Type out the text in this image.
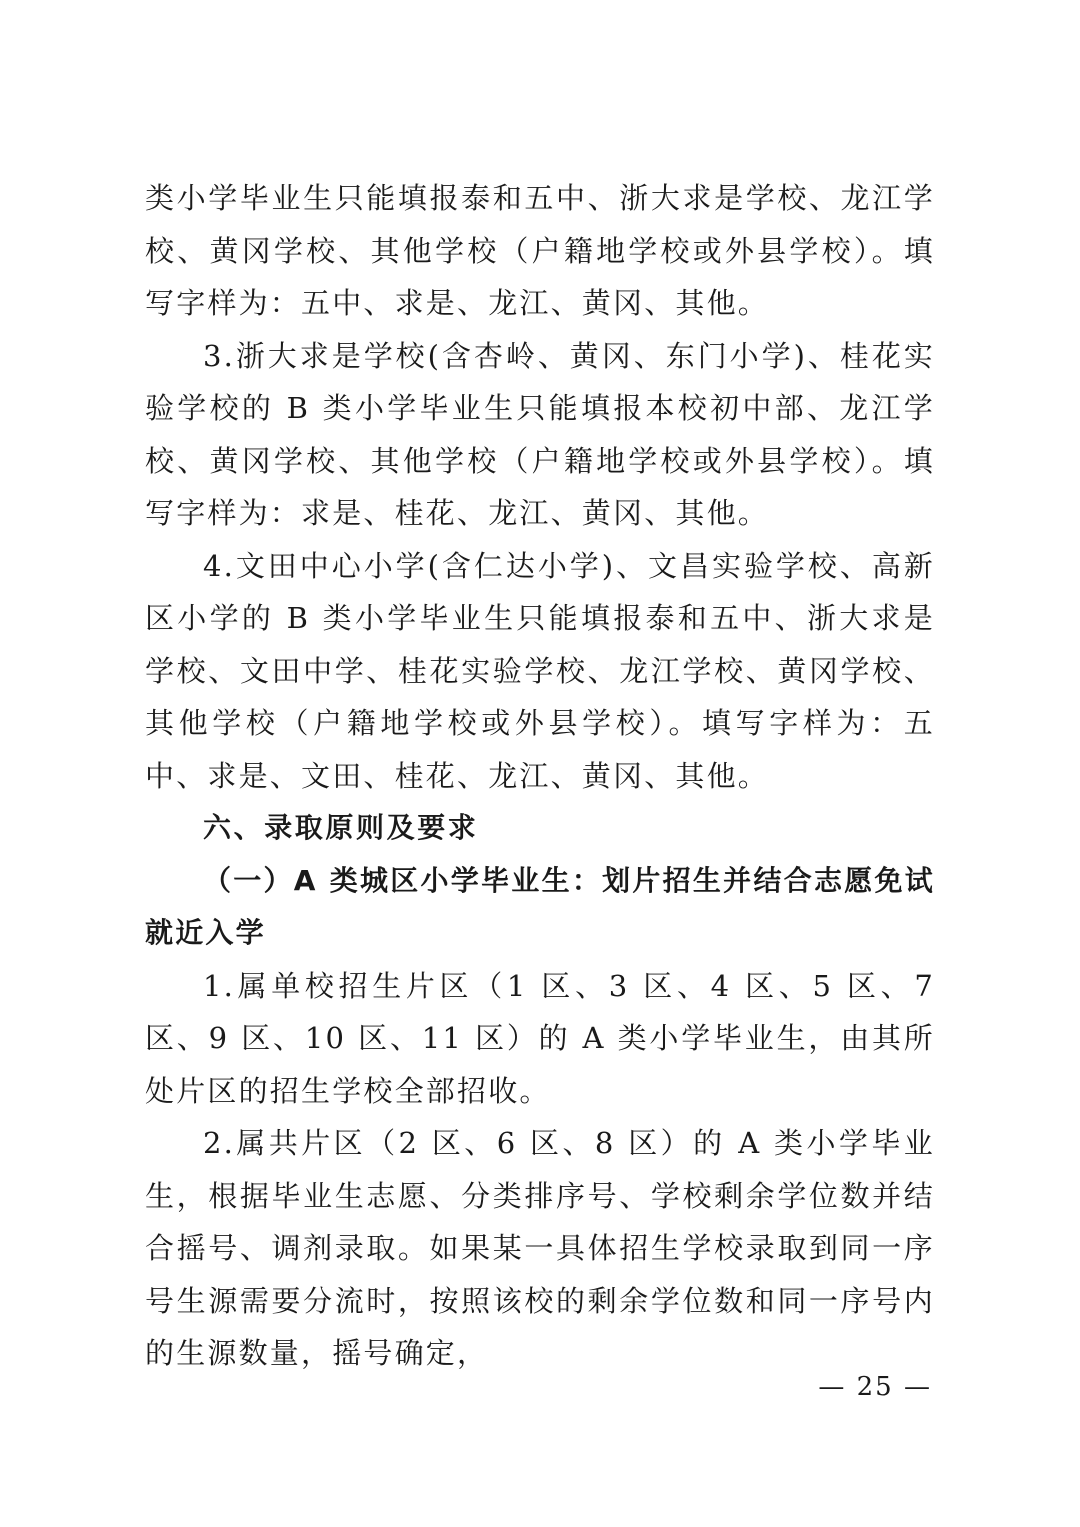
类小学毕业生只能填报泰和五中、浙大求是学校、龙江学校、黄冈学校、其他学校（户籍地学校或外县学校）。填写字样为：五中、求是、龙江、黄冈、其他。

3.浙大求是学校(含杏岭、黄冈、东门小学)、桂花实验学校的 B 类小学毕业生只能填报本校初中部、龙江学校、黄冈学校、其他学校（户籍地学校或外县学校）。填写字样为：求是、桂花、龙江、黄冈、其他。

4.文田中心小学(含仁达小学)、文昌实验学校、高新区小学的 B 类小学毕业生只能填报泰和五中、浙大求是学校、文田中学、桂花实验学校、龙江学校、黄冈学校、其他学校（户籍地学校或外县学校）。填写字样为：五中、求是、文田、桂花、龙江、黄冈、其他。

六、录取原则及要求
（一）A 类城区小学毕业生：划片招生并结合志愿免试就近入学

1.属单校招生片区（1 区、3 区、4 区、5 区、7 区、9 区、10 区、11 区）的 A 类小学毕业生，由其所处片区的招生学校全部招收。

2.属共片区（2 区、6 区、8 区）的 A 类小学毕业生，根据毕业生志愿、分类排序号、学校剩余学位数并结合摇号、调剂录取。如果某一具体招生学校录取到同一序号生源需要分流时，按照该校的剩余学位数和同一序号内的生源数量，摇号确定，

— 25 —
